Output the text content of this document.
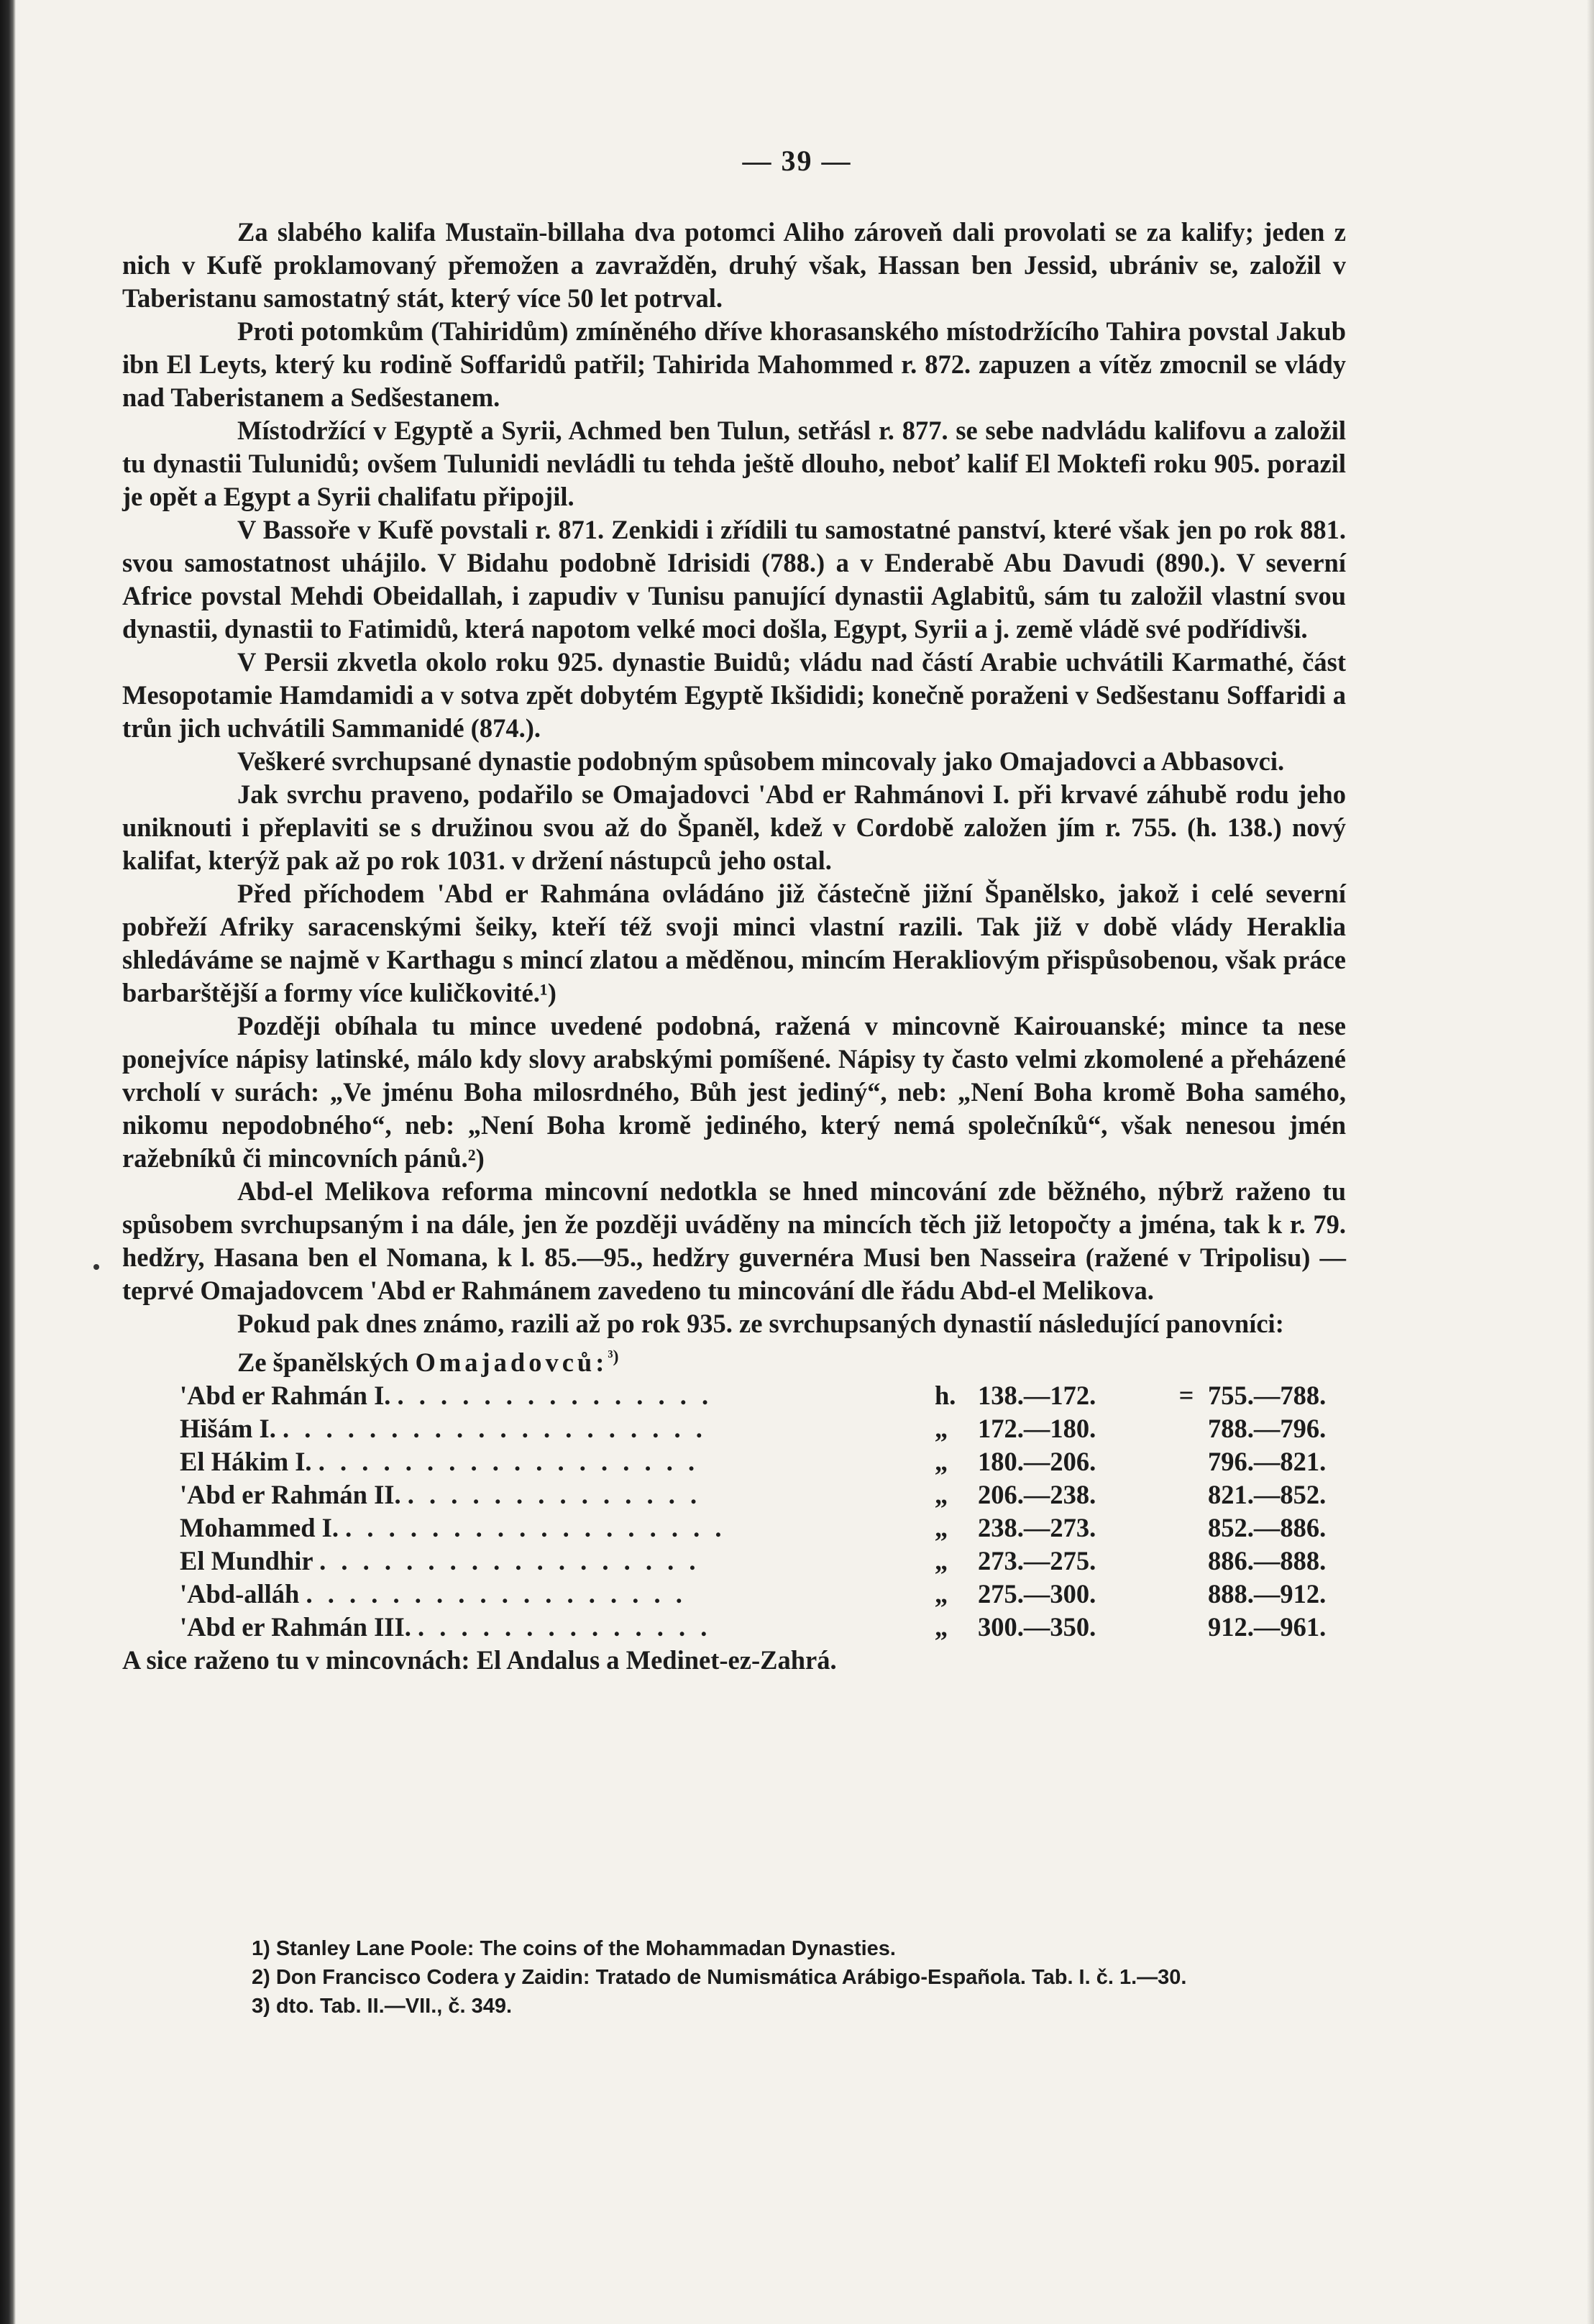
— 39 —

Za slabého kalifa Mustaïn-billaha dva potomci Aliho zároveň dali provolati se za kalify; jeden z nich v Kufě proklamovaný přemožen a zavražděn, druhý však, Hassan ben Jessid, ubrániv se, založil v Taberistanu samostatný stát, který více 50 let potrval.

Proti potomkům (Tahiridům) zmíněného dříve khorasanského místodržícího Tahira povstal Jakub ibn El Leyts, který ku rodině Soffaridů patřil; Tahirida Mahommed r. 872. zapuzen a vítěz zmocnil se vlády nad Taberistanem a Sedšestanem.

Místodržící v Egyptě a Syrii, Achmed ben Tulun, setřásl r. 877. se sebe nadvládu kalifovu a založil tu dynastii Tulunidů; ovšem Tulunidi nevládli tu tehda ještě dlouho, neboť kalif El Moktefi roku 905. porazil je opět a Egypt a Syrii chalifatu připojil.

V Bassoře v Kufě povstali r. 871. Zenkidi i zřídili tu samostatné panství, které však jen po rok 881. svou samostatnost uhájilo. V Bidahu podobně Idrisidi (788.) a v Enderabě Abu Davudi (890.). V severní Africe povstal Mehdi Obeidallah, i zapudiv v Tunisu panující dynastii Aglabitů, sám tu založil vlastní svou dynastii, dynastii to Fatimidů, která napotom velké moci došla, Egypt, Syrii a j. země vládě své podřídivši.

V Persii zkvetla okolo roku 925. dynastie Buidů; vládu nad částí Arabie uchvátili Karmathé, část Mesopotamie Hamdamidi a v sotva zpět dobytém Egyptě Ikšididi; konečně poraženi v Sedšestanu Soffaridi a trůn jich uchvátili Sammanidé (874.).

Veškeré svrchupsané dynastie podobným spůsobem mincovaly jako Omajadovci a Abbasovci.

Jak svrchu praveno, podařilo se Omajadovci 'Abd er Rahmánovi I. při krvavé záhubě rodu jeho uniknouti i přeplaviti se s družinou svou až do Španěl, kdež v Cordobě založen jím r. 755. (h. 138.) nový kalifat, kterýž pak až po rok 1031. v držení nástupců jeho ostal.

Před příchodem 'Abd er Rahmána ovládáno již částečně jižní Španělsko, jakož i celé severní pobřeží Afriky saracenskými šeiky, kteří též svoji minci vlastní razili. Tak již v době vlády Heraklia shledáváme se najmě v Karthagu s mincí zlatou a měděnou, mincím Herakliovým přispůsobenou, však práce barbarštější a formy více kuličkovité.¹)

Později obíhala tu mince uvedené podobná, ražená v mincovně Kairouanské; mince ta nese ponejvíce nápisy latinské, málo kdy slovy arabskými pomíšené. Nápisy ty často velmi zkomolené a přeházené vrcholí v surách: „Ve jménu Boha milosrdného, Bůh jest jediný“, neb: „Není Boha kromě Boha samého, nikomu nepodobného“, neb: „Není Boha kromě jediného, který nemá společníků“, však nenesou jmén ražebníků či mincovních pánů.²)

Abd-el Melikova reforma mincovní nedotkla se hned mincování zde běžného, nýbrž raženo tu spůsobem svrchupsaným i na dále, jen že později uváděny na mincích těch již letopočty a jména, tak k r. 79. hedžry, Hasana ben el Nomana, k l. 85.—95., hedžry guvernéra Musi ben Nasseira (ražené v Tripolisu) — teprvé Omajadovcem 'Abd er Rahmánem zavedeno tu mincování dle řádu Abd-el Melikova.

Pokud pak dnes známo, razili až po rok 935. ze svrchupsaných dynastií následující panovníci:

Ze španělských Omajadovců:$^{^3)}$

'Abd er Rahmán I. . . . . . . . . . . . . . . .	h.	138.—172.	=	755.—788.
Hišám I. . . . . . . . . . . . . . . . . . . . .	„	172.—180.		788.—796.
El Hákim I. . . . . . . . . . . . . . . . . . .	„	180.—206.		796.—821.
'Abd er Rahmán II. . . . . . . . . . . . . . .	„	206.—238.		821.—852.
Mohammed I. . . . . . . . . . . . . . . . . . .	„	238.—273.		852.—886.
El Mundhir . . . . . . . . . . . . . . . . . .	„	273.—275.		886.—888.
'Abd-alláh . . . . . . . . . . . . . . . . . .	„	275.—300.		888.—912.
'Abd er Rahmán III. . . . . . . . . . . . . . .	„	300.—350.		912.—961.

A sice raženo tu v mincovnách: El Andalus a Medinet-ez-Zahrá.

1) Stanley Lane Poole: The coins of the Mohammadan Dynasties.

2) Don Francisco Codera y Zaidin: Tratado de Numismática Arábigo-Española. Tab. I. č. 1.—30.

3) dto. Tab. II.—VII., č. 349.
